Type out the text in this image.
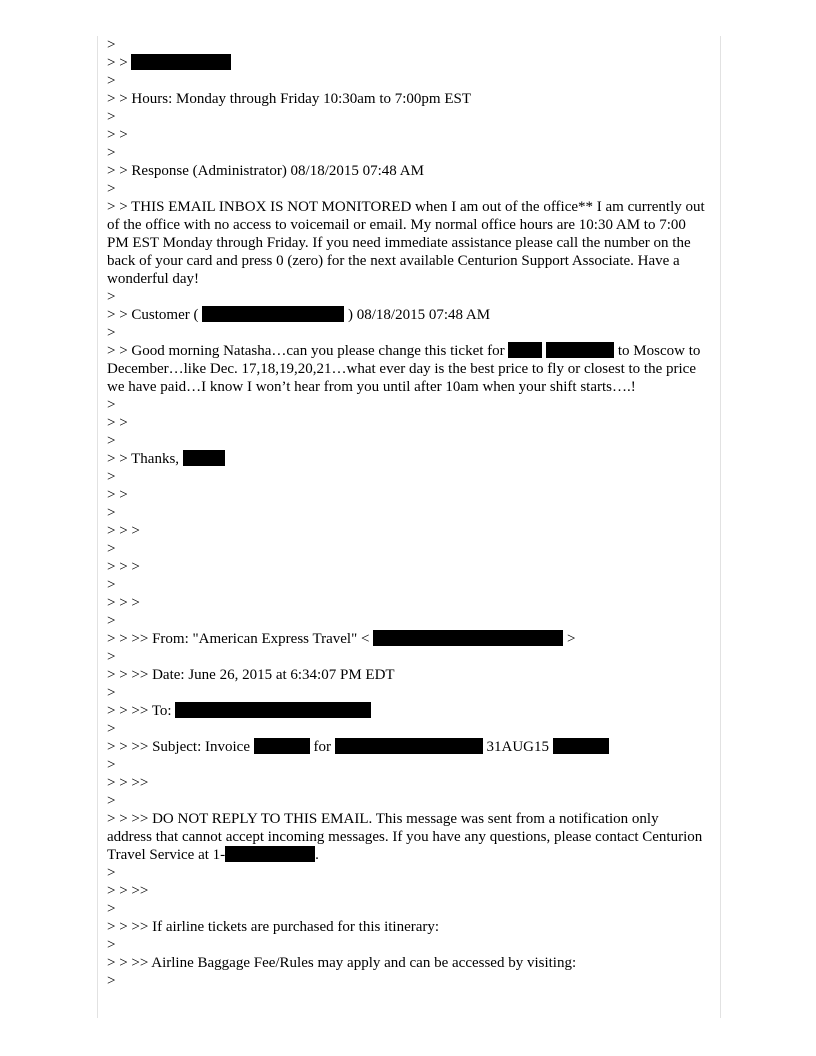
>
> >
>
> > Hours: Monday through Friday 10:30am to 7:00pm EST
>
> >
>
> > Response (Administrator) 08/18/2015 07:48 AM
>
> > THIS EMAIL INBOX IS NOT MONITORED when I am out of the office** I am currently out of the office with no access to voicemail or email. My normal office hours are 10:30 AM to 7:00 PM EST Monday through Friday. If you need immediate assistance please call the number on the back of your card and press 0 (zero) for the next available Centurion Support Associate. Have a wonderful day!
>
> > Customer (	) 08/18/2015 07:48 AM
>
> > Good morning Natasha…can you please change this ticket for	to Moscow to December…like Dec. 17,18,19,20,21…what ever day is the best price to fly or closest to the price we have paid…I know I won’t hear from you until after 10am when your shift starts….!
>
> >
>
> > Thanks,
>
> >
>
> > >
>
> > >
>
> > >
>
> > >> From: "American Express Travel" <	>
>
> > >> Date: June 26, 2015 at 6:34:07 PM EDT
>
> > >> To:
>
> > >> Subject: Invoice	for	31AUG15
>
> > >>
>
> > >> DO NOT REPLY TO THIS EMAIL. This message was sent from a notification only address that cannot accept incoming messages. If you have any questions, please contact Centurion Travel Service at 1-	.
>
> > >>
>
> > >> If airline tickets are purchased for this itinerary:
>
> > >> Airline Baggage Fee/Rules may apply and can be accessed by visiting:
>
